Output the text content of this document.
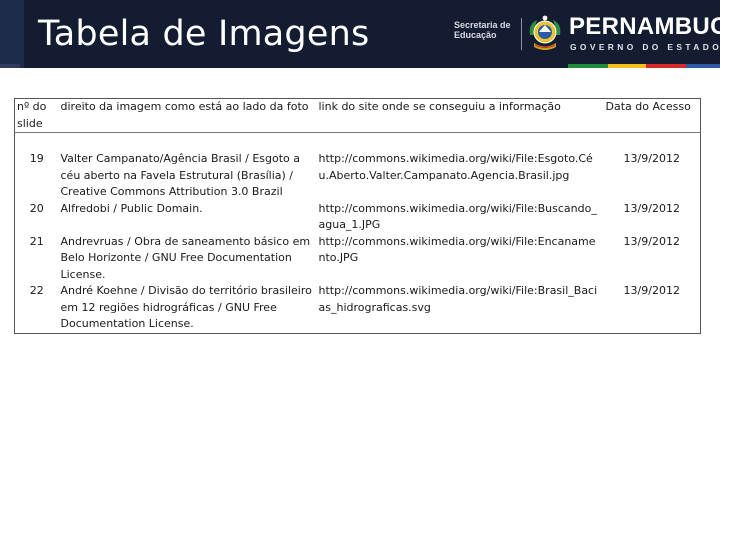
Tabela de Imagens	Secretaria de
Educação	PERNAMBUCO
GOVERNO DO ESTADO
nº do slide	direito da imagem como está ao lado da foto	link do site onde se conseguiu a informação	Data do Acesso

19	Valter Campanato/Agência Brasil / Esgoto a céu aberto na Favela Estrutural (Brasília) / Creative Commons Attribution 3.0 Brazil	http://commons.wikimedia.org/wiki/File:Esgoto.Céu.Aberto.Valter.Campanato.Agencia.Brasil.jpg	13/9/2012
20	Alfredobi / Public Domain.	http://commons.wikimedia.org/wiki/File:Buscando_agua_1.JPG	13/9/2012
21	Andrevruas / Obra de saneamento básico em Belo Horizonte / GNU Free Documentation License.	http://commons.wikimedia.org/wiki/File:Encanamento.JPG	13/9/2012
22	André Koehne / Divisão do território brasileiro em 12 regiões hidrográficas / GNU Free Documentation License.	http://commons.wikimedia.org/wiki/File:Brasil_Bacias_hidrograficas.svg	13/9/2012
